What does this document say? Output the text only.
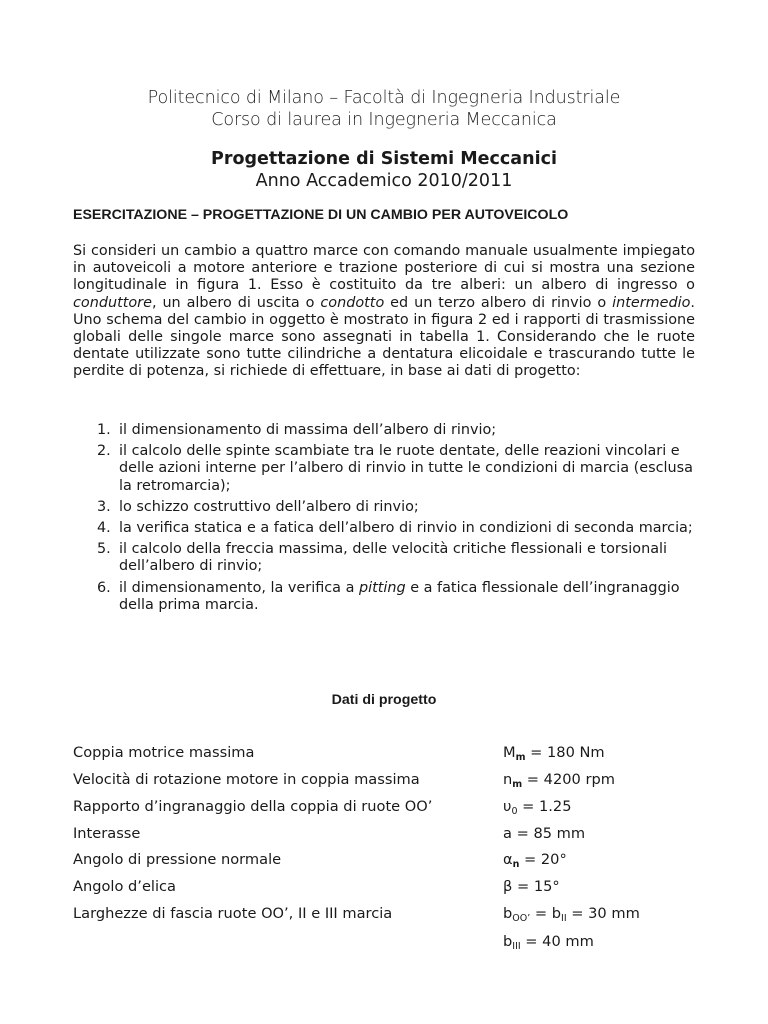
Politecnico di Milano – Facoltà di Ingegneria Industriale
Corso di laurea in Ingegneria Meccanica
Progettazione di Sistemi Meccanici
Anno Accademico 2010/2011
ESERCITAZIONE – PROGETTAZIONE DI UN CAMBIO PER AUTOVEICOLO
Si consideri un cambio a quattro marce con comando manuale usualmente impiegato in autoveicoli a motore anteriore e trazione posteriore di cui si mostra una sezione longitudinale in figura 1. Esso è costituito da tre alberi: un albero di ingresso o conduttore, un albero di uscita o condotto ed un terzo albero di rinvio o intermedio. Uno schema del cambio in oggetto è mostrato in figura 2 ed i rapporti di trasmissione globali delle singole marce sono assegnati in tabella 1. Considerando che le ruote dentate utilizzate sono tutte cilindriche a dentatura elicoidale e trascurando tutte le perdite di potenza, si richiede di effettuare, in base ai dati di progetto:
1. il dimensionamento di massima dell’albero di rinvio;
2. il calcolo delle spinte scambiate tra le ruote dentate, delle reazioni vincolari e delle azioni interne per l’albero di rinvio in tutte le condizioni di marcia (esclusa la retromarcia);
3. lo schizzo costruttivo dell’albero di rinvio;
4. la verifica statica e a fatica dell’albero di rinvio in condizioni di seconda marcia;
5. il calcolo della freccia massima, delle velocità critiche flessionali e torsionali dell’albero di rinvio;
6. il dimensionamento, la verifica a pitting e a fatica flessionale dell’ingranaggio della prima marcia.
Dati di progetto
Coppia motrice massima	$M_m = 180$ Nm
Velocità di rotazione motore in coppia massima	$n_m = 4200$ rpm
Rapporto d’ingranaggio della coppia di ruote OO’	$\upsilon_0 = 1.25$
Interasse	a = 85 mm
Angolo di pressione normale	$\alpha_n = 20^\circ$
Angolo d’elica	β = 15°
Larghezze di fascia ruote OO’, II e III marcia	$b_{OO’} = b_{II} = 30$ mm
$b_{III} = 40$ mm
